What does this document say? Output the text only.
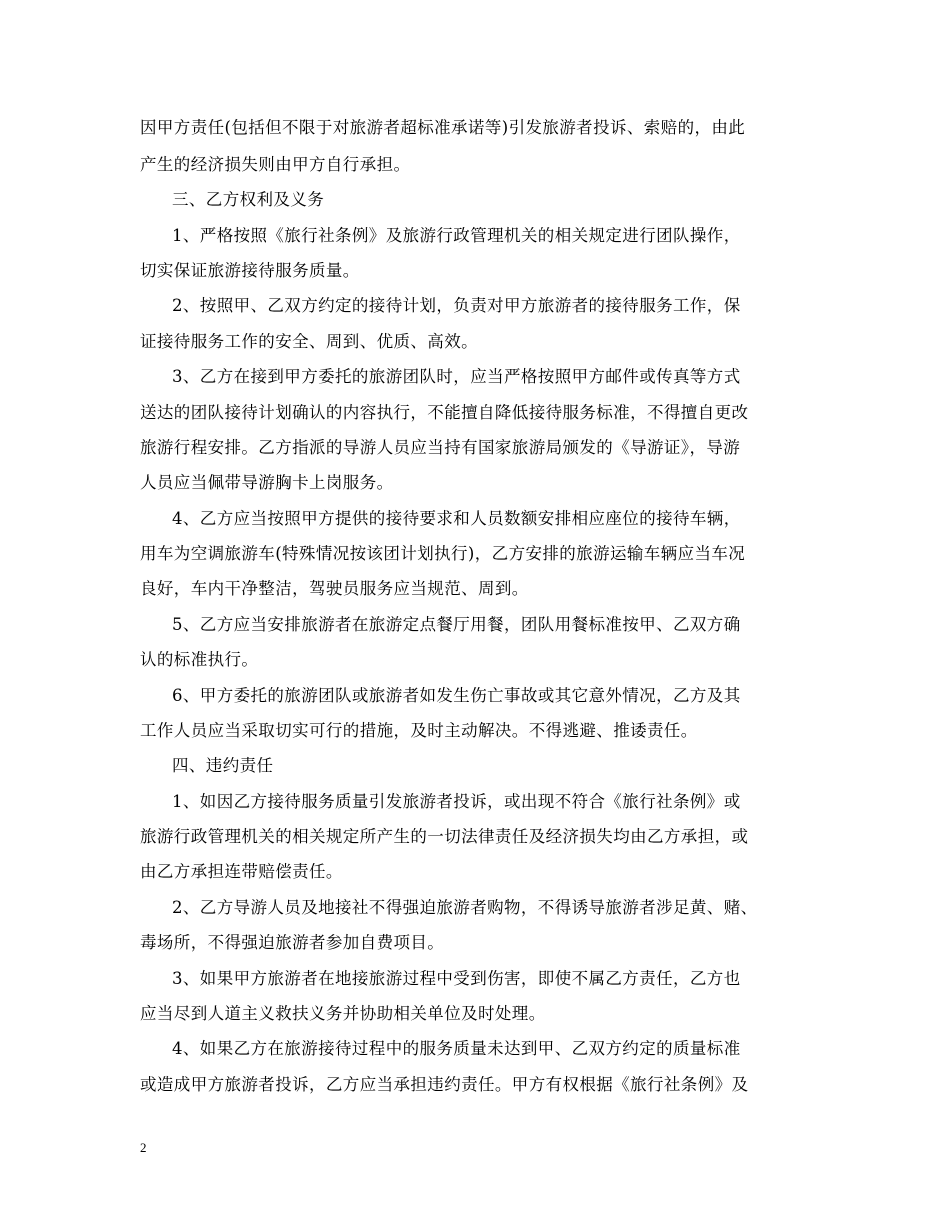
因甲方责任(包括但不限于对旅游者超标准承诺等)引发旅游者投诉、索赔的，由此
产生的经济损失则由甲方自行承担。
三、乙方权利及义务
1、严格按照《旅行社条例》及旅游行政管理机关的相关规定进行团队操作，
切实保证旅游接待服务质量。
2、按照甲、乙双方约定的接待计划，负责对甲方旅游者的接待服务工作，保
证接待服务工作的安全、周到、优质、高效。
3、乙方在接到甲方委托的旅游团队时，应当严格按照甲方邮件或传真等方式
送达的团队接待计划确认的内容执行，不能擅自降低接待服务标准，不得擅自更改
旅游行程安排。乙方指派的导游人员应当持有国家旅游局颁发的《导游证》，导游
人员应当佩带导游胸卡上岗服务。
4、乙方应当按照甲方提供的接待要求和人员数额安排相应座位的接待车辆，
用车为空调旅游车(特殊情况按该团计划执行)，乙方安排的旅游运输车辆应当车况
良好，车内干净整洁，驾驶员服务应当规范、周到。
5、乙方应当安排旅游者在旅游定点餐厅用餐，团队用餐标准按甲、乙双方确
认的标准执行。
6、甲方委托的旅游团队或旅游者如发生伤亡事故或其它意外情况，乙方及其
工作人员应当采取切实可行的措施，及时主动解决。不得逃避、推诿责任。
四、违约责任
1、如因乙方接待服务质量引发旅游者投诉，或出现不符合《旅行社条例》或
旅游行政管理机关的相关规定所产生的一切法律责任及经济损失均由乙方承担，或
由乙方承担连带赔偿责任。
2、乙方导游人员及地接社不得强迫旅游者购物，不得诱导旅游者涉足黄、赌、
毒场所，不得强迫旅游者参加自费项目。
3、如果甲方旅游者在地接旅游过程中受到伤害，即使不属乙方责任，乙方也
应当尽到人道主义救扶义务并协助相关单位及时处理。
4、如果乙方在旅游接待过程中的服务质量未达到甲、乙双方约定的质量标准
或造成甲方旅游者投诉，乙方应当承担违约责任。甲方有权根据《旅行社条例》及
2
